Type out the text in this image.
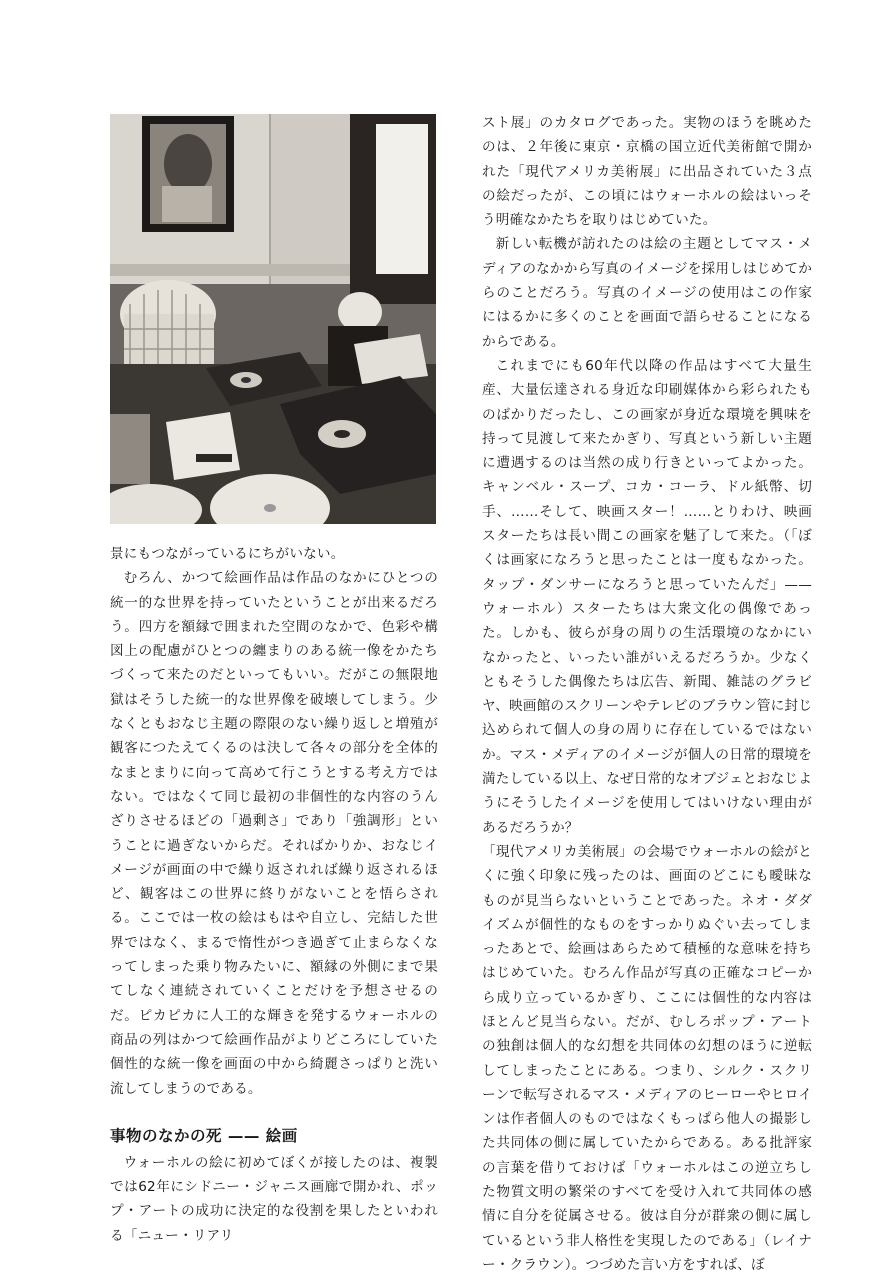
景にもつながっているにちがいない。

むろん、かつて絵画作品は作品のなかにひとつの統一的な世界を持っていたということが出来るだろう。四方を額縁で囲まれた空間のなかで、色彩や構図上の配慮がひとつの纏まりのある統一像をかたちづくって来たのだといってもいい。だがこの無限地獄はそうした統一的な世界像を破壊してしまう。少なくともおなじ主題の際限のない繰り返しと増殖が観客につたえてくるのは決して各々の部分を全体的なまとまりに向って高めて行こうとする考え方ではない。ではなくて同じ最初の非個性的な内容のうんざりさせるほどの「過剰さ」であり「強調形」ということに過ぎないからだ。そればかりか、おなじイメージが画面の中で繰り返されれば繰り返されるほど、観客はこの世界に終りがないことを悟らされる。ここでは一枚の絵はもはや自立し、完結した世界ではなく、まるで惰性がつき過ぎて止まらなくなってしまった乗り物みたいに、額縁の外側にまで果てしなく連続されていくことだけを予想させるのだ。ピカピカに人工的な輝きを発するウォーホルの商品の列はかつて絵画作品がよりどころにしていた個性的な統一像を画面の中から綺麗さっぱりと洗い流してしまうのである。

事物のなかの死 —— 絵画

ウォーホルの絵に初めてぼくが接したのは、複製では62年にシドニー・ジャニス画廊で開かれ、ポップ・アートの成功に決定的な役割を果したといわれる「ニュー・リアリ

スト展」のカタログであった。実物のほうを眺めたのは、２年後に東京・京橋の国立近代美術館で開かれた「現代アメリカ美術展」に出品されていた３点の絵だったが、この頃にはウォーホルの絵はいっそう明確なかたちを取りはじめていた。

新しい転機が訪れたのは絵の主題としてマス・メディアのなかから写真のイメージを採用しはじめてからのことだろう。写真のイメージの使用はこの作家にはるかに多くのことを画面で語らせることになるからである。

これまでにも60年代以降の作品はすべて大量生産、大量伝達される身近な印刷媒体から彩られたものばかりだったし、この画家が身近な環境を興味を持って見渡して来たかぎり、写真という新しい主題に遭遇するのは当然の成り行きといってよかった。キャンベル・スープ、コカ・コーラ、ドル紙幣、切手、……そして、映画スター！……とりわけ、映画スターたちは長い間この画家を魅了して来た。（「ぼくは画家になろうと思ったことは一度もなかった。タップ・ダンサーになろうと思っていたんだ」——ウォーホル）スターたちは大衆文化の偶像であった。しかも、彼らが身の周りの生活環境のなかにいなかったと、いったい誰がいえるだろうか。少なくともそうした偶像たちは広告、新聞、雑誌のグラビヤ、映画館のスクリーンやテレビのブラウン管に封じ込められて個人の身の周りに存在しているではないか。マス・メディアのイメージが個人の日常的環境を満たしている以上、なぜ日常的なオブジェとおなじようにそうしたイメージを使用してはいけない理由があるだろうか？

「現代アメリカ美術展」の会場でウォーホルの絵がとくに強く印象に残ったのは、画面のどこにも曖昧なものが見当らないということであった。ネオ・ダダイズムが個性的なものをすっかりぬぐい去ってしまったあとで、絵画はあらためて積極的な意味を持ちはじめていた。むろん作品が写真の正確なコピーから成り立っているかぎり、ここには個性的な内容はほとんど見当らない。だが、むしろポップ・アートの独創は個人的な幻想を共同体の幻想のほうに逆転してしまったことにある。つまり、シルク・スクリーンで転写されるマス・メディアのヒーローやヒロインは作者個人のものではなくもっぱら他人の撮影した共同体の側に属していたからである。ある批評家の言葉を借りておけば「ウォーホルはこの逆立ちした物質文明の繁栄のすべてを受け入れて共同体の感情に自分を従属させる。彼は自分が群衆の側に属しているという非人格性を実現したのである」（レイナー・クラウン）。つづめた言い方をすれば、ぼ
